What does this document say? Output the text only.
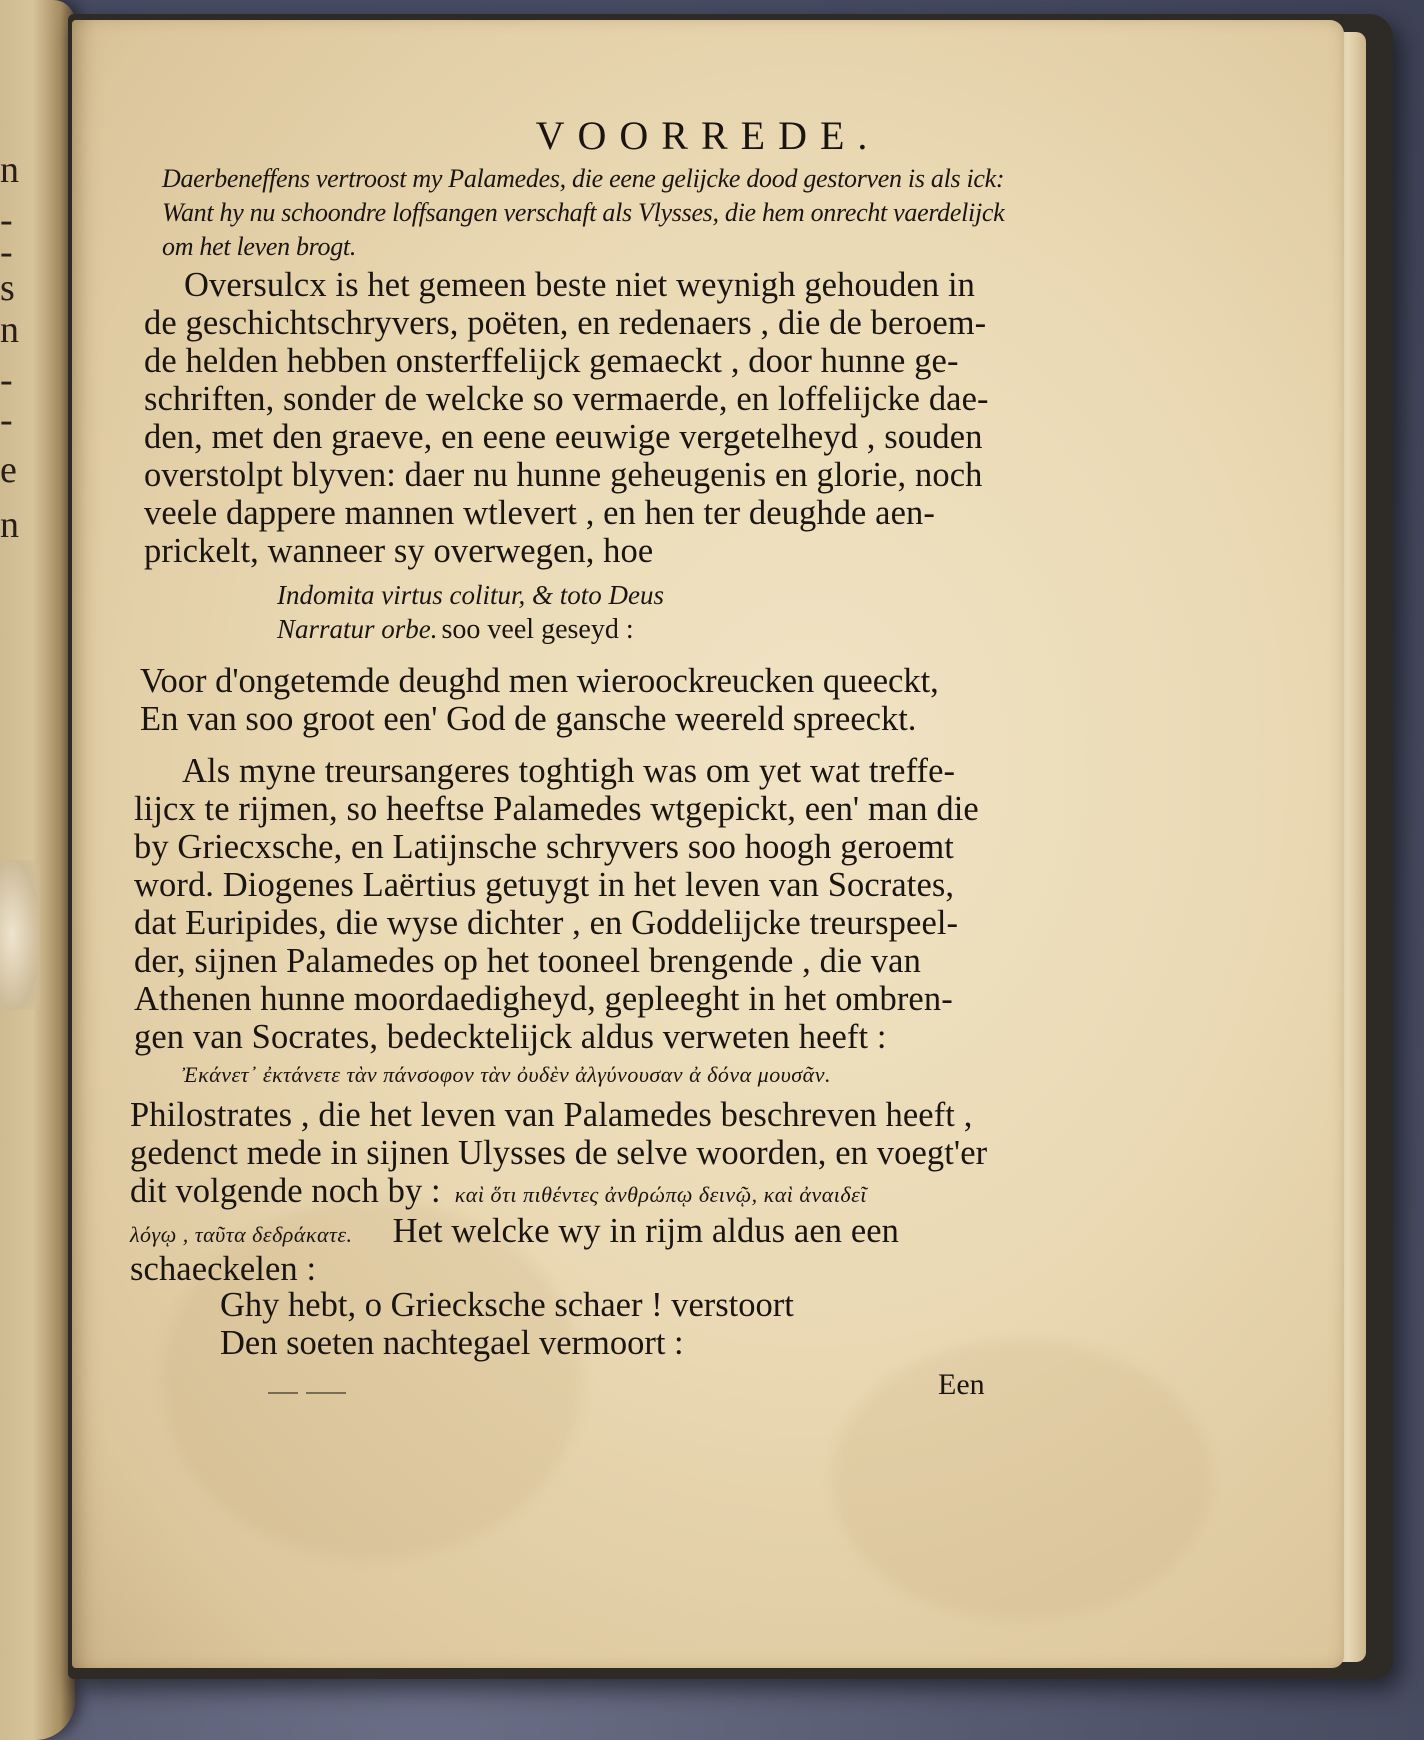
n
-
-
s
n
-
-
e
n
VOORREDE.
Daerbeneffens vertroost my Palamedes, die eene gelijcke dood gestorven is als ick:
Want hy nu schoondre loffsangen verschaft als Vlysses, die hem onrecht vaerdelijck
om het leven brogt.
Oversulcx is het gemeen beste niet weynigh gehouden in
de geschichtschryvers, poëten, en redenaers , die de beroem-
de helden hebben onsterffelijck gemaeckt , door hunne ge-
schriften, sonder de welcke so vermaerde, en loffelijcke dae-
den, met den graeve, en eene eeuwige vergetelheyd , souden
overstolpt blyven: daer nu hunne geheugenis en glorie, noch
veele dappere mannen wtlevert , en hen ter deughde aen-
prickelt, wanneer sy overwegen, hoe
Indomita virtus colitur, & toto Deus
Narratur orbe. soo veel geseyd :
Voor d'ongetemde deughd men wieroockreucken queeckt,
En van soo groot een' God de gansche weereld spreeckt.
Als myne treursangeres toghtigh was om yet wat treffe-
lijcx te rijmen, so heeftse Palamedes wtgepickt, een' man die
by Griecxsche, en Latijnsche schryvers soo hoogh geroemt
word. Diogenes Laërtius getuygt in het leven van Socrates,
dat Euripides, die wyse dichter , en Goddelijcke treurspeel-
der, sijnen Palamedes op het tooneel brengende , die van
Athenen hunne moordaedigheyd, gepleeght in het ombren-
gen van Socrates, bedecktelijck aldus verweten heeft :
Ἐκάνετ᾽ ἐκτάνετε τὰν πάνσοφον τὰν ὀυδὲν ἀλγύνουσαν ἀ δόνα μουσᾶν.
Philostrates , die het leven van Palamedes beschreven heeft ,
gedenct mede in sijnen Ulysses de selve woorden, en voegt'er
dit volgende noch by : καὶ ὅτι πιθέντες ἀνθρώπῳ δεινῷ, καὶ ἀναιδεῖ
λόγῳ , ταῦτα δεδράκατε. Het welcke wy in rijm aldus aen een
schaeckelen :
Ghy hebt, o Griecksche schaer ! verstoort
Den soeten nachtegael vermoort :
Een
